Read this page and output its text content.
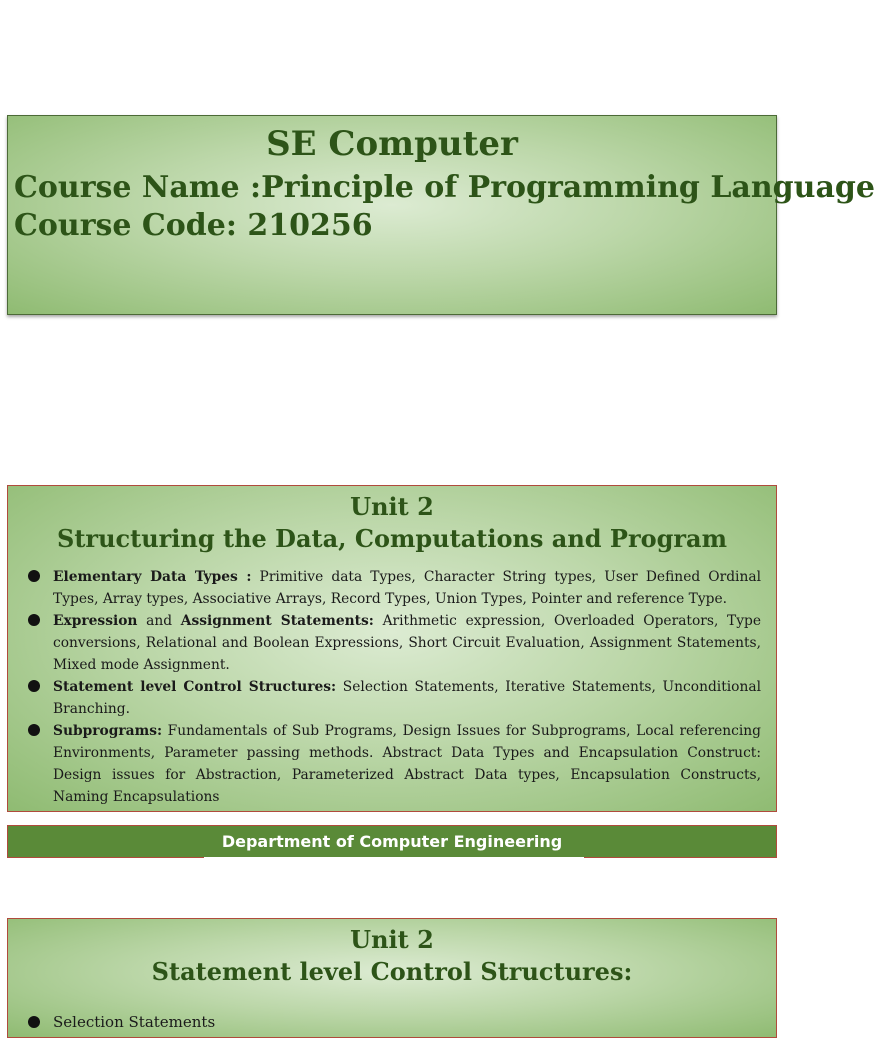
SE Computer
Course Name :Principle of Programming Language
Course Code: 210256
Unit 2
Structuring the Data, Computations and Program
Elementary Data Types : Primitive data Types, Character String types, User Defined Ordinal Types, Array types, Associative Arrays, Record Types, Union Types, Pointer and reference Type.
Expression and Assignment Statements: Arithmetic expression, Overloaded Operators, Type conversions, Relational and Boolean Expressions, Short Circuit Evaluation, Assignment Statements, Mixed mode Assignment.
Statement level Control Structures: Selection Statements, Iterative Statements, Unconditional Branching.
Subprograms: Fundamentals of Sub Programs, Design Issues for Subprograms, Local referencing Environments, Parameter passing methods. Abstract Data Types and Encapsulation Construct: Design issues for Abstraction, Parameterized Abstract Data types, Encapsulation Constructs, Naming Encapsulations
Department of Computer Engineering
Unit 2
Statement level Control Structures:
Selection Statements
